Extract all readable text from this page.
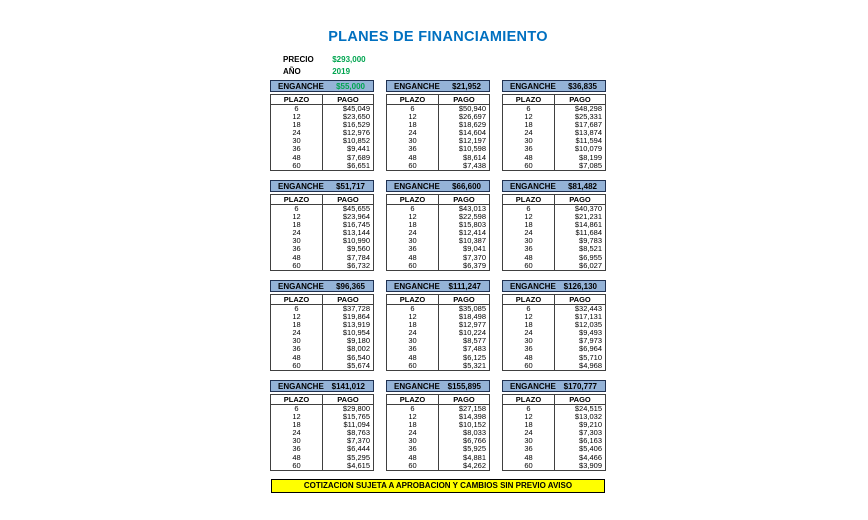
PLANES DE FINANCIAMIENTO
PRECIO $293,000
AÑO	2019
ENGANCHE $55,000
PLAZO	PAGO
6	$45,049
12	$23,650
18	$16,529
24	$12,976
30	$10,852
36	$9,441
48	$7,689
60	$6,651
ENGANCHE $21,952
PLAZO	PAGO
6	$50,940
12	$26,697
18	$18,629
24	$14,604
30	$12,197
36	$10,598
48	$8,614
60	$7,438
ENGANCHE $36,835
PLAZO	PAGO
6	$48,298
12	$25,331
18	$17,687
24	$13,874
30	$11,594
36	$10,079
48	$8,199
60	$7,085
ENGANCHE $51,717
PLAZO	PAGO
6	$45,655
12	$23,964
18	$16,745
24	$13,144
30	$10,990
36	$9,560
48	$7,784
60	$6,732
ENGANCHE $66,600
PLAZO	PAGO
6	$43,013
12	$22,598
18	$15,803
24	$12,414
30	$10,387
36	$9,041
48	$7,370
60	$6,379
ENGANCHE $81,482
PLAZO	PAGO
6	$40,370
12	$21,231
18	$14,861
24	$11,684
30	$9,783
36	$8,521
48	$6,955
60	$6,027
ENGANCHE $96,365
PLAZO	PAGO
6	$37,728
12	$19,864
18	$13,919
24	$10,954
30	$9,180
36	$8,002
48	$6,540
60	$5,674
ENGANCHE $111,247
PLAZO	PAGO
6	$35,085
12	$18,498
18	$12,977
24	$10,224
30	$8,577
36	$7,483
48	$6,125
60	$5,321
ENGANCHE $126,130
PLAZO	PAGO
6	$32,443
12	$17,131
18	$12,035
24	$9,493
30	$7,973
36	$6,964
48	$5,710
60	$4,968
ENGANCHE $141,012
PLAZO	PAGO
6	$29,800
12	$15,765
18	$11,094
24	$8,763
30	$7,370
36	$6,444
48	$5,295
60	$4,615
ENGANCHE $155,895
PLAZO	PAGO
6	$27,158
12	$14,398
18	$10,152
24	$8,033
30	$6,766
36	$5,925
48	$4,881
60	$4,262
ENGANCHE $170,777
PLAZO	PAGO
6	$24,515
12	$13,032
18	$9,210
24	$7,303
30	$6,163
36	$5,406
48	$4,466
60	$3,909
COTIZACION SUJETA A APROBACION Y CAMBIOS SIN PREVIO AVISO
